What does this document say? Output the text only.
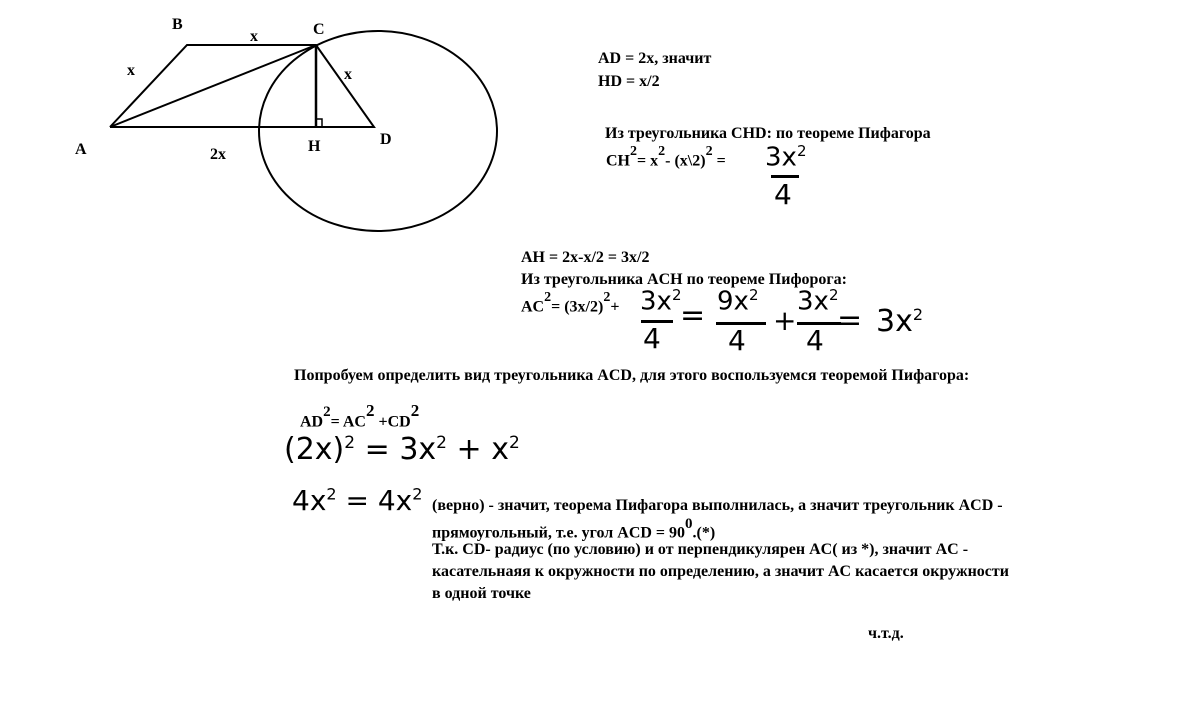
B	C
A
D
H
x
x
x
2x
AD = 2x, значит
HD = x/2
Из треугольника CHD: по теореме Пифагора
$CH^2= x^2-$ (x\2)$^2$ = $3x^2$
4
AH = 2x-x/2 = 3x/2
Из треугольника ACH по теореме Пифорога:
$AC^2= (3x/2)^2+ 3x^2$
4
= $9x^2$
4
+
$3x^2$
4
= $3x^2$
Попробуем определить вид треугольника ACD, для этого воспользуемся теоремой Пифагора:
$AD^2= AC^2 +CD^2$
$(2x)^2 = 3x^2 + x^2$
$4x^2 = 4x^2$
(верно) - значит, теорема Пифагора выполнилась, а значит треугольник ACD -
прямоугольный, т.е. угол ACD = $90^0.(*)$
Т.к. CD- радиус (по условию) и от перпендикулярен AC( из *), значит AC -
касательнаяя к окружности по определению, а значит AC касается окружности
в одной точке
ч.т.д.
